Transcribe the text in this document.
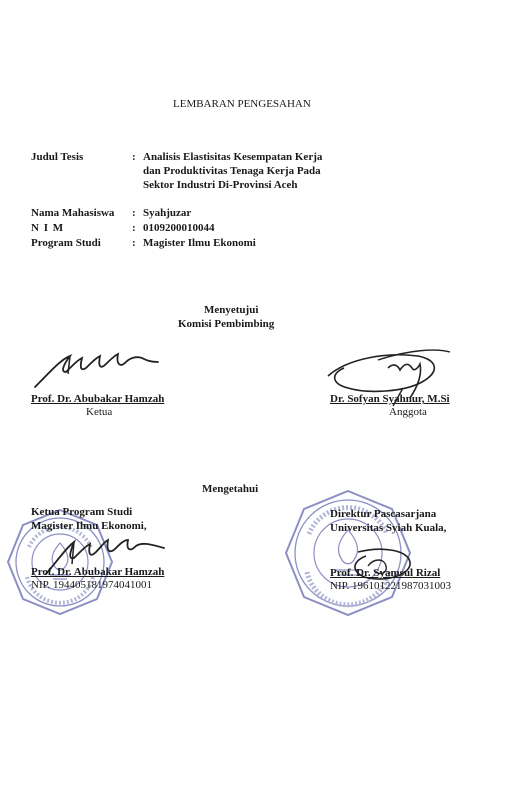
LEMBARAN PENGESAHAN
Judul Tesis	: Analisis Elastisitas Kesempatan Kerja
dan Produktivitas Tenaga Kerja Pada
Sektor Industri Di-Provinsi Aceh
Nama Mahasiswa : Syahjuzar
N I M	: 0109200010044
Program Studi	: Magister Ilmu Ekonomi
Menyetujui
Komisi Pembimbing
Prof. Dr. Abubakar Hamzah
Ketua
Dr. Sofyan Syahnur, M.Si
Anggota
Mengetahui
Ketua Program Studi
Magister Ilmu Ekonomi,
Direktur Pascasarjana
Universitas Syiah Kuala,
Prof. Dr. Abubakar Hamzah
NIP. 194405181974041001
Prof. Dr. Syamsul Rizal
NIP. 196101221987031003
